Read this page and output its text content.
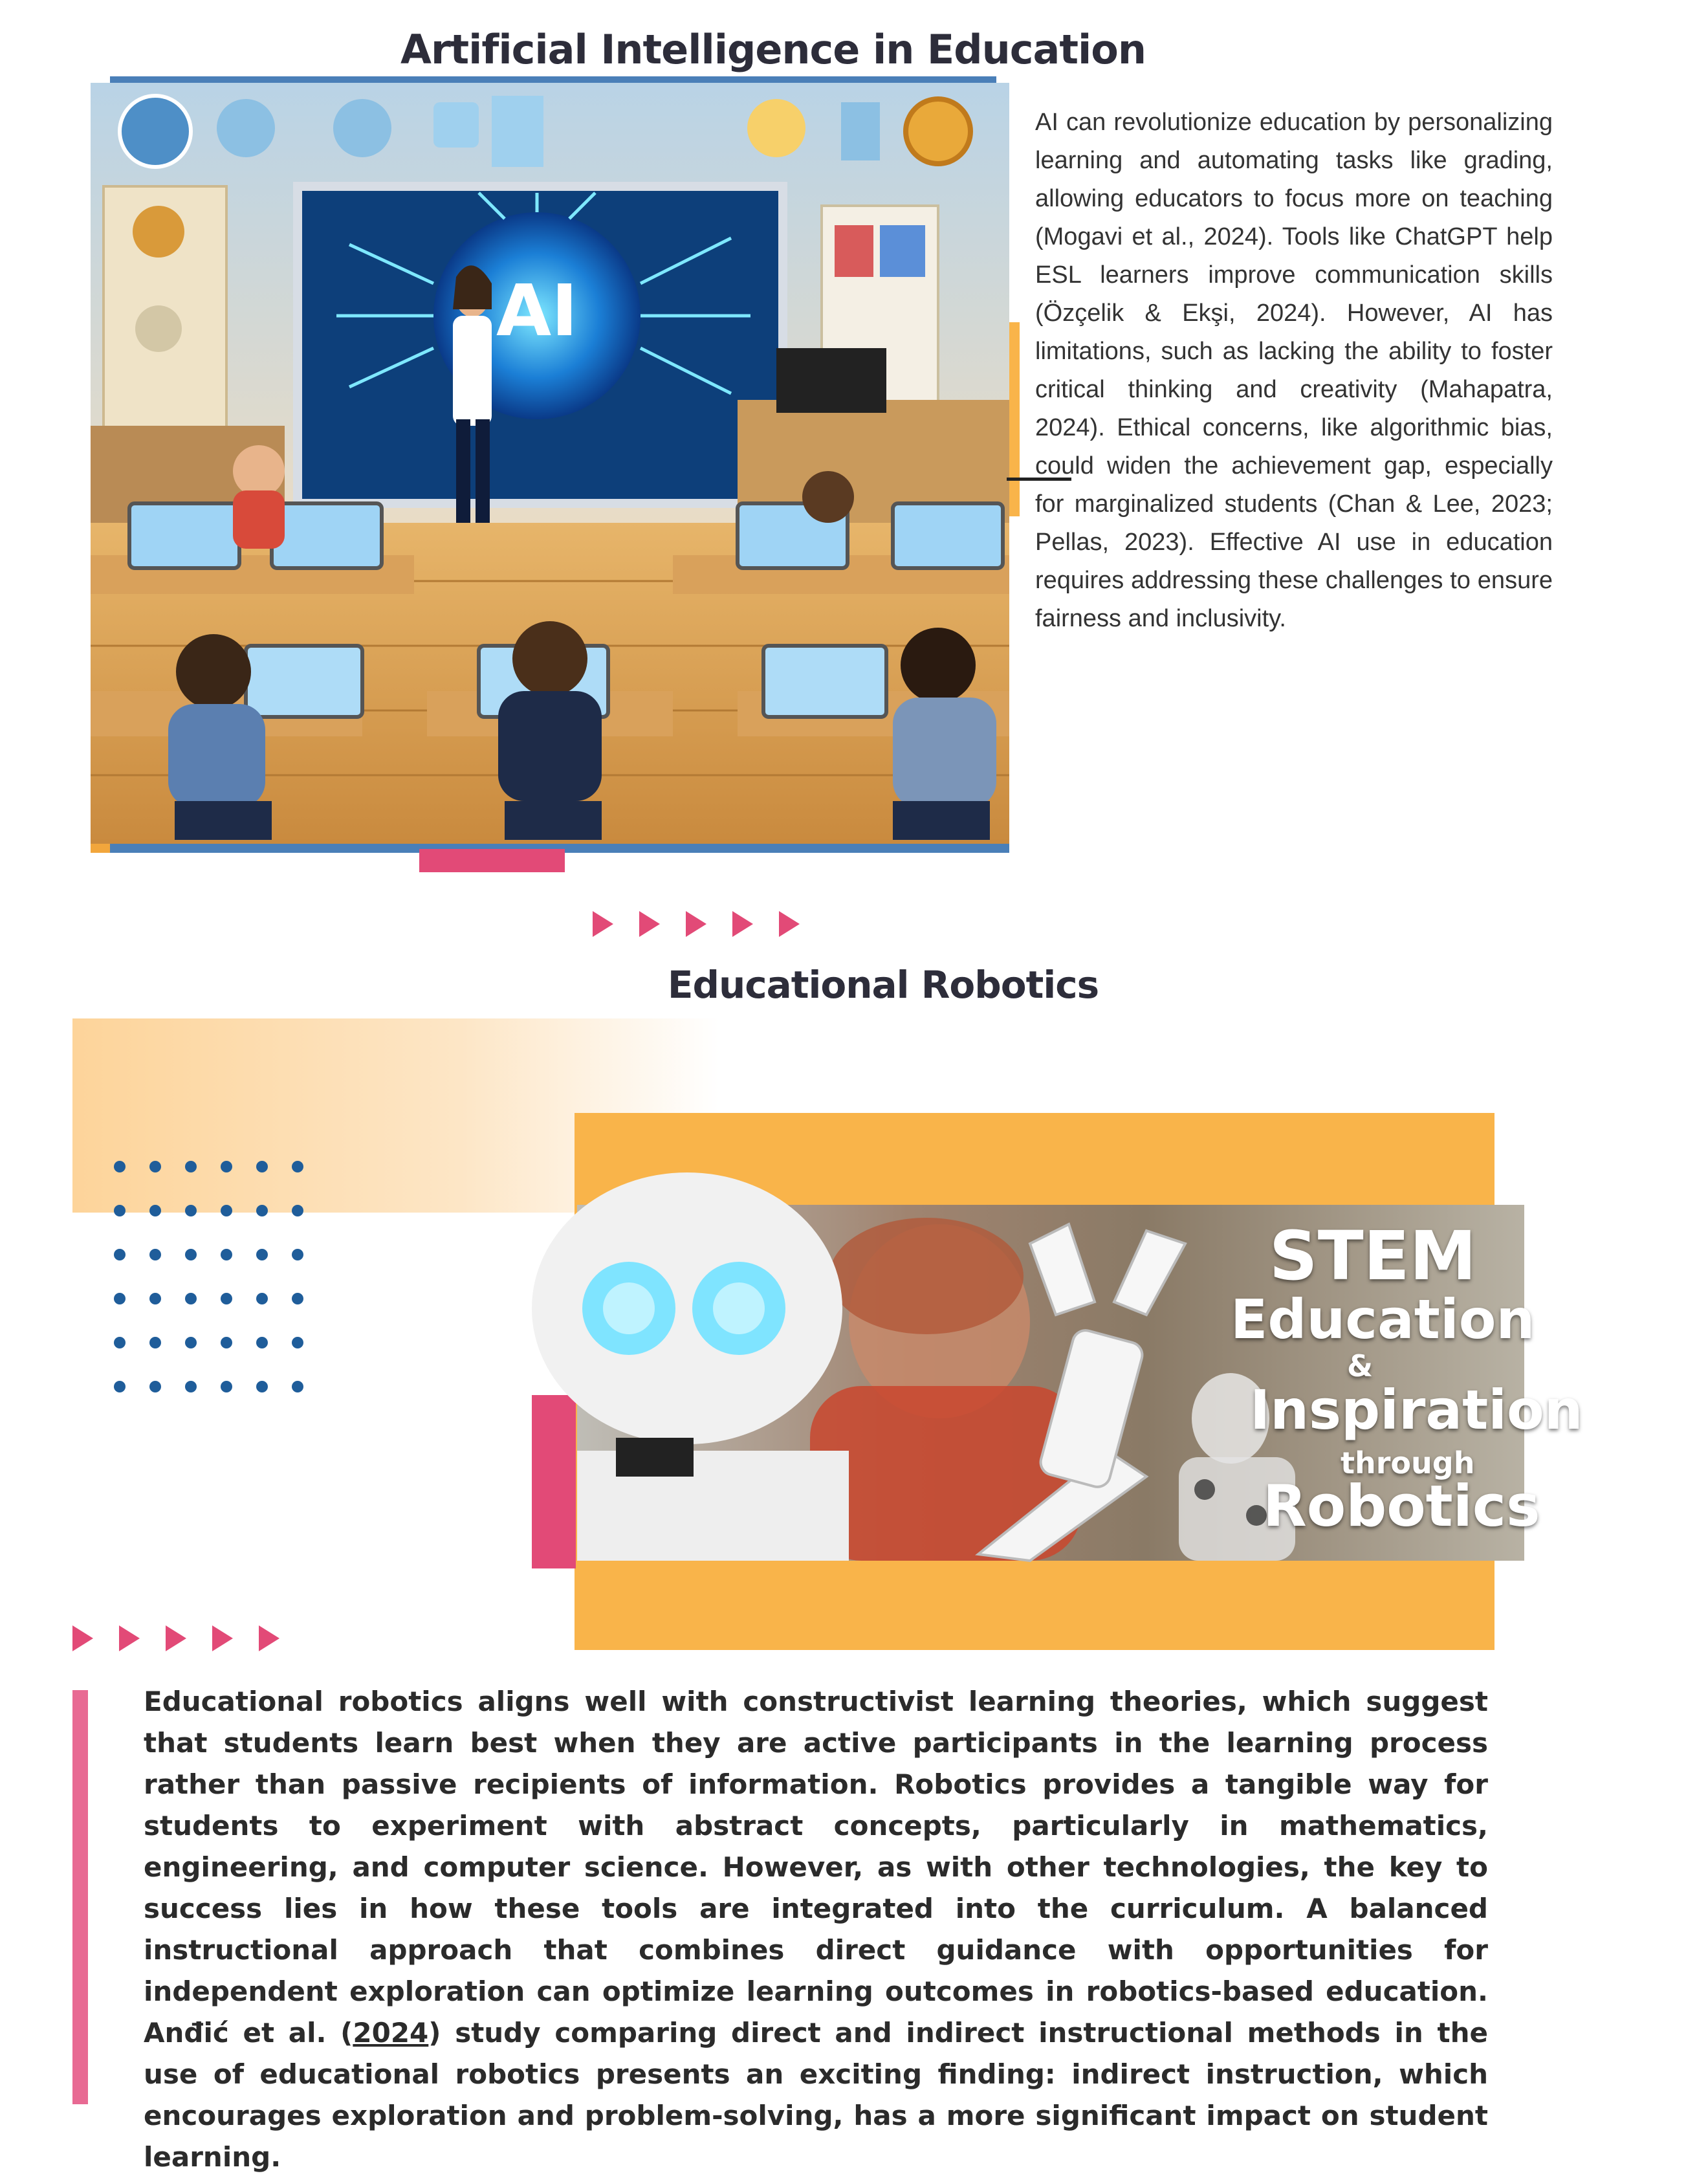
Artificial Intelligence in Education
AI
AI can revolutionize education by personalizing learning and automating tasks like grading, allowing educators to focus more on teaching (Mogavi et al., 2024). Tools like ChatGPT help ESL learners improve communication skills (Özçelik & Ekşi, 2024). However, AI has limitations, such as lacking the ability to foster critical thinking and creativity (Mahapatra, 2024). Ethical concerns, like algorithmic bias, could widen the achievement gap, especially for marginalized students (Chan & Lee, 2023; Pellas, 2023). Effective AI use in education requires addressing these challenges to ensure fairness and inclusivity.
Educational Robotics
STEM
Education
&
Inspiration
through
Robotics
Educational robotics aligns well with constructivist learning theories, which suggest that students learn best when they are active participants in the learning process rather than passive recipients of information. Robotics provides a tangible way for students to experiment with abstract concepts, particularly in mathematics, engineering, and computer science. However, as with other technologies, the key to success lies in how these tools are integrated into the curriculum. A balanced instructional approach that combines direct guidance with opportunities for independent exploration can optimize learning outcomes in robotics-based education. Anđić et al. (2024) study comparing direct and indirect instructional methods in the use of educational robotics presents an exciting finding: indirect instruction, which encourages exploration and problem-solving, has a more significant impact on student learning.
